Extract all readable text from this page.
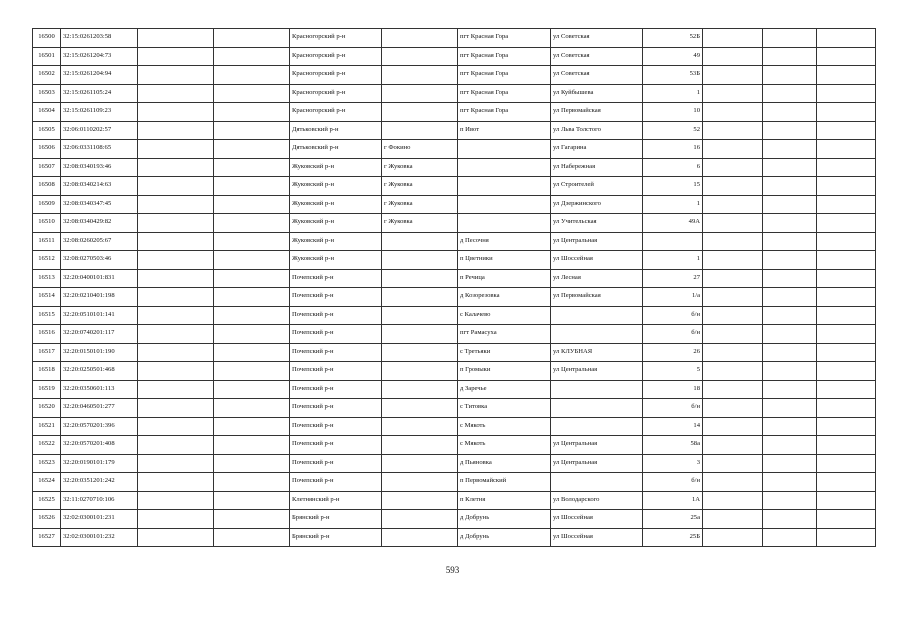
16500	32:15:0261203:58			Красногорский р-н		пгт Красная Гора	ул Советская	52Б			
16501	32:15:0261204:73			Красногорский р-н		пгт Красная Гора	ул Советская	49			
16502	32:15:0261204:94			Красногорский р-н		пгт Красная Гора	ул Советская	53Б			
16503	32:15:0261105:24			Красногорский р-н		пгт Красная Гора	ул Куйбышева	1			
16504	32:15:0261109:23			Красногорский р-н		пгт Красная Гора	ул Первомайская	10			
16505	32:06:0110202:57			Дятьковский р-н		п Ивот	ул Льва Толстого	52			
16506	32:06:0331108:65			Дятьковский р-н	г Фокино		ул Гагарина	16			
16507	32:08:0340193:46			Жуковский р-н	г Жуковка		ул Набережная	6			
16508	32:08:0340214:63			Жуковский р-н	г Жуковка		ул Строителей	15			
16509	32:08:0340347:45			Жуковский р-н	г Жуковка		ул Дзержинского	1			
16510	32:08:0340429:82			Жуковский р-н	г Жуковка		ул Учительская	49А			
16511	32:08:0260205:67			Жуковский р-н		д Песочня	ул Центральная				
16512	32:08:0270503:46			Жуковский р-н		п Цветники	ул Шоссейная	1			
16513	32:20:0400101:831			Почепский р-н		п Речица	ул Лесная	27			
16514	32:20:0210401:198			Почепский р-н		д Козорезовка	ул Первомайская	1/а			
16515	32:20:0510101:141			Почепский р-н		с Калачево		б/н			
16516	32:20:0740201:117			Почепский р-н		пгт Рамасуха		б/н			
16517	32:20:0150101:190			Почепский р-н		с Третьяки	ул КЛУБНАЯ	26			
16518	32:20:0250501:468			Почепский р-н		п Громыки	ул Центральная	5			
16519	32:20:0350601:113			Почепский р-н		д Заречье		18			
16520	32:20:0460501:277			Почепский р-н		с Титовка		б/н			
16521	32:20:0570201:396			Почепский р-н		с Мякоть		14			
16522	32:20:0570201:408			Почепский р-н		с Мякоть	ул Центральная	58а			
16523	32:20:0190101:179			Почепский р-н		д Пьяновка	ул Центральная	3			
16524	32:20:0351201:242			Почепский р-н		п Первомайский		б/н			
16525	32:11:0270710:106			Клетнянский р-н		п Клетня	ул Володарского	1А			
16526	32:02:0300101:231			Брянский р-н		д Добрунь	ул Шоссейная	25а			
16527	32:02:0300101:232			Брянский р-н		д Добрунь	ул Шоссейная	25Б			
593
